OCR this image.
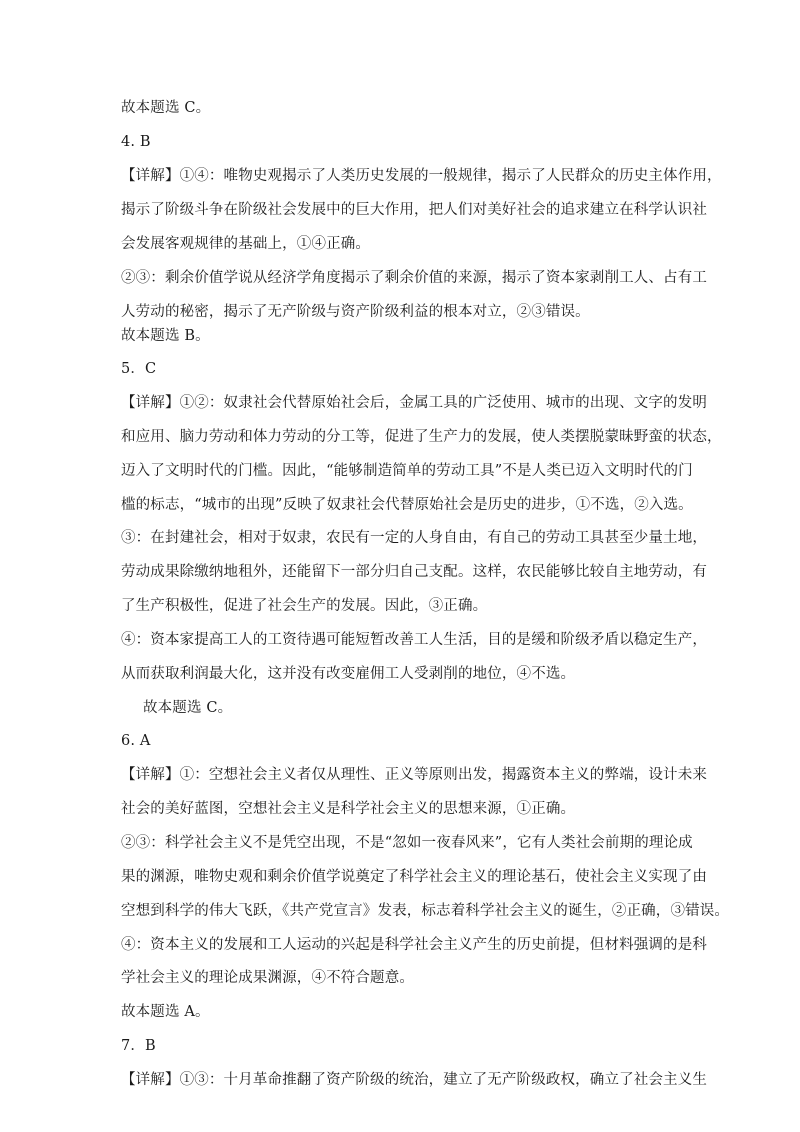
故本题选 C。
4. B
【详解】①④：唯物史观揭示了人类历史发展的一般规律，揭示了人民群众的历史主体作用，
揭示了阶级斗争在阶级社会发展中的巨大作用，把人们对美好社会的追求建立在科学认识社
会发展客观规律的基础上，①④正确。
②③：剩余价值学说从经济学角度揭示了剩余价值的来源，揭示了资本家剥削工人、占有工
人劳动的秘密，揭示了无产阶级与资产阶级利益的根本对立，②③错误。
故本题选 B。
5．C
【详解】①②：奴隶社会代替原始社会后，金属工具的广泛使用、城市的出现、文字的发明
和应用、脑力劳动和体力劳动的分工等，促进了生产力的发展，使人类摆脱蒙昧野蛮的状态，
迈入了文明时代的门槛。因此，“能够制造简单的劳动工具”不是人类已迈入文明时代的门
槛的标志，“城市的出现”反映了奴隶社会代替原始社会是历史的进步，①不选，②入选。
③：在封建社会，相对于奴隶，农民有一定的人身自由，有自己的劳动工具甚至少量土地，
劳动成果除缴纳地租外，还能留下一部分归自己支配。这样，农民能够比较自主地劳动，有
了生产积极性，促进了社会生产的发展。因此，③正确。
④：资本家提高工人的工资待遇可能短暂改善工人生活，目的是缓和阶级矛盾以稳定生产，
从而获取利润最大化，这并没有改变雇佣工人受剥削的地位，④不选。
故本题选 C。
6. A
【详解】①：空想社会主义者仅从理性、正义等原则出发，揭露资本主义的弊端，设计未来
社会的美好蓝图，空想社会主义是科学社会主义的思想来源，①正确。
②③：科学社会主义不是凭空出现，不是“忽如一夜春风来”，它有人类社会前期的理论成
果的渊源，唯物史观和剩余价值学说奠定了科学社会主义的理论基石，使社会主义实现了由
空想到科学的伟大飞跃，《共产党宣言》发表，标志着科学社会主义的诞生，②正确，③错误。
④：资本主义的发展和工人运动的兴起是科学社会主义产生的历史前提，但材料强调的是科
学社会主义的理论成果渊源，④不符合题意。
故本题选 A。
7．B
【详解】①③：十月革命推翻了资产阶级的统治，建立了无产阶级政权，确立了社会主义生
